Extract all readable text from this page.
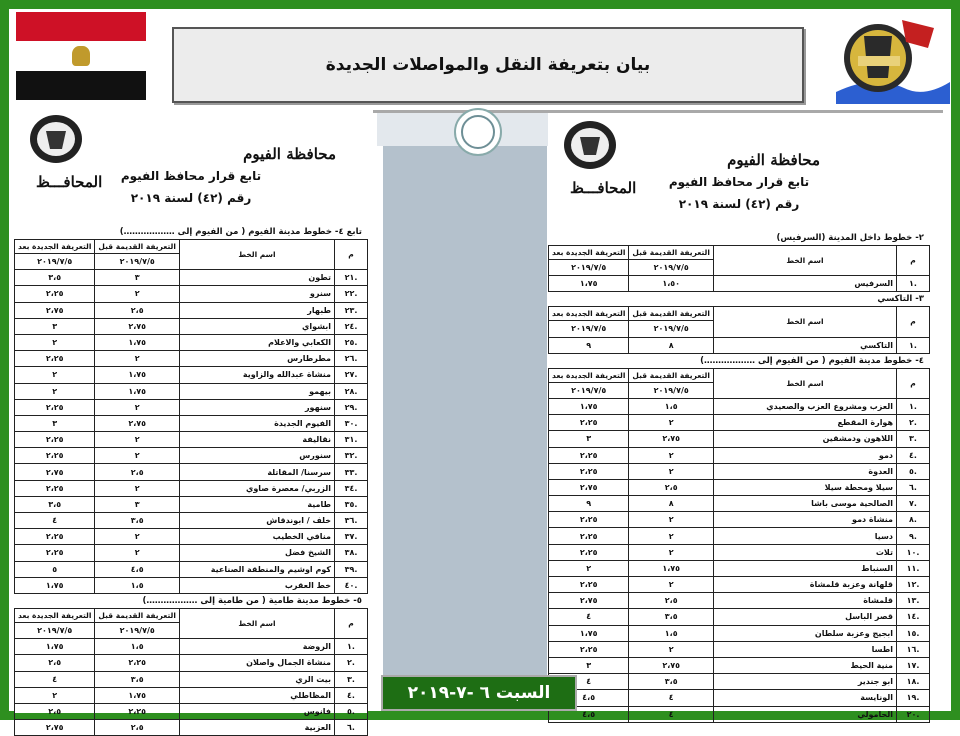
بيان بتعريفة النقل والمواصلات الجديدة
محافظة الفيوم
تابع قرار محافظ الفيوم
المحافـــظ
رقم (٤٢) لسنة ٢٠١٩
تابع ٤- خطوط مدينة الفيوم ( من الفيوم إلى ………………)
م	اسم الخط	التعريفة القديمة قبل	التعريفة الجديدة بعد
		٢٠١٩/٧/٥	٢٠١٩/٧/٥
.٢١	تطون	٣	٣،٥
.٢٢	سنرو	٢	٢،٢٥
.٢٣	طبهار	٢،٥	٢،٧٥
.٢٤	ابشواي	٢،٧٥	٣
.٢٥	الكعابي والاعلام	١،٧٥	٢
.٢٦	مطرطارس	٢	٢،٢٥
.٢٧	منشاة عبدالله والزاوية	١،٧٥	٢
.٢٨	بيهمو	١،٧٥	٢
.٢٩	سنهور	٢	٢،٢٥
.٣٠	الفيوم الجديدة	٢،٧٥	٣
.٣١	نقاليفة	٢	٢،٢٥
.٣٢	سنورس	٢	٢،٢٥
.٣٣	سرسنا/ المقاتلة	٢،٥	٢،٧٥
.٣٤	الزربي/ معصرة صاوي	٢	٢،٢٥
.٣٥	طامية	٣	٣،٥
.٣٦	خلف / ابوندقاش	٣،٥	٤
.٣٧	منافي الخطيب	٢	٢،٢٥
.٣٨	الشيخ فضل	٢	٢،٢٥
.٣٩	كوم اوشيم والمنطقة الصناعية	٤،٥	٥
.٤٠	خط العقرب	١،٥	١،٧٥
٥- خطوط مدينة طامية ( من طامية إلى ………………)
م	اسم الخط	التعريفة القديمة قبل	التعريفة الجديدة بعد
		٢٠١٩/٧/٥	٢٠١٩/٧/٥
.١	الروضة	١،٥	١،٧٥
.٢	منشاة الجمال واصلان	٢،٢٥	٢،٥
.٣	بيت الري	٣،٥	٤
.٤	المظاطلي	١،٧٥	٢
.٥	فانوس	٢،٢٥	٢،٥
.٦	العزبية	٢،٥	٢،٧٥
محافظة الفيوم
تابع قرار محافظ الفيوم
المحافـــظ
رقم (٤٢) لسنة ٢٠١٩
٢- خطوط داخل المدينة (السرفيس)
م	اسم الخط	التعريفة القديمة قبل	التعريفة الجديدة بعد
		٢٠١٩/٧/٥	٢٠١٩/٧/٥
.١	السرفيس	١،٥٠	١،٧٥
٣- التاكسي
م	اسم الخط	التعريفة القديمة قبل	التعريفة الجديدة بعد
		٢٠١٩/٧/٥	٢٠١٩/٧/٥
.١	التاكسي	٨	٩
٤- خطوط مدينة الفيوم ( من الفيوم إلى ………………)
م	اسم الخط	التعريفة القديمة قبل	التعريفة الجديدة بعد
		٢٠١٩/٧/٥	٢٠١٩/٧/٥
.١	العزب ومشروع العزب والصعيدي	١،٥	١،٧٥
.٢	هوارة المقطع	٢	٢،٢٥
.٣	اللاهون ودمشقين	٢،٧٥	٣
.٤	دمو	٢	٢،٢٥
.٥	العدوة	٢	٢،٢٥
.٦	سيلا ومحطة سيلا	٢،٥	٢،٧٥
.٧	الصالحية موسى باشا	٨	٩
.٨	منشاة دمو	٢	٢،٢٥
.٩	دسيا	٢	٢،٢٥
.١٠	تلات	٢	٢،٢٥
.١١	السنباط	١،٧٥	٢
.١٢	قلهانة وعزبة قلمشاة	٢	٢،٢٥
.١٣	قلمشاة	٢،٥	٢،٧٥
.١٤	قصر الباسل	٣،٥	٤
.١٥	ابجيج وعزبة سلطان	١،٥	١،٧٥
.١٦	اطسا	٢	٢،٢٥
.١٧	منية الحيط	٢،٧٥	٣
.١٨	ابو جندير	٣،٥	٤
.١٩	الونايسة	٤	٤،٥
.٢٠	الحامولي	٤	٤،٥
السبت ٦ -٧-٢٠١٩
